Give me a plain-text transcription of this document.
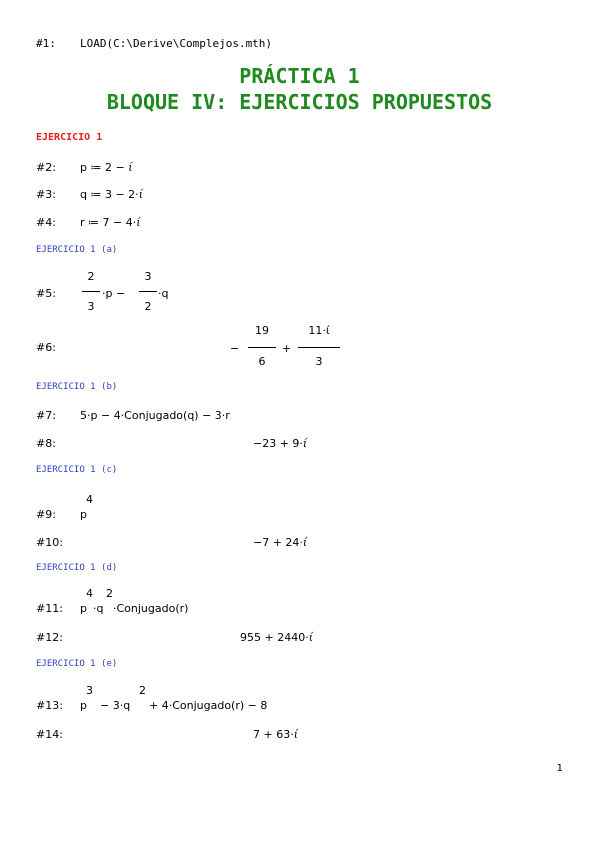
#1: LOAD(C:\Derive\Complejos.mth)
PRÁCTICA 1
BLOQUE IV: EJERCICIOS PROPUESTOS
EJERCICIO 1
#2: p ≔ 2 − ί
#3: q ≔ 3 − 2·ί
#4: r ≔ 7 − 4·ί
EJERCICIO 1 (a)
#5:
2
3
·p −
3
2
·q
#6:	−
19
6
+
11·ί
3
EJERCICIO 1 (b)
#7: 5·p − 4·Conjugado(q) − 3·r
#8:	−23 + 9·ί
EJERCICIO 1 (c)
4
#9: p
#10:	−7 + 24·ί
EJERCICIO 1 (d)
4 2
#11: p ·q ·Conjugado(r)
#12:	955 + 2440·ί
EJERCICIO 1 (e)
3	2
#13: p − 3·q + 4·Conjugado(r) − 8
#14:	7 + 63·ί
1
